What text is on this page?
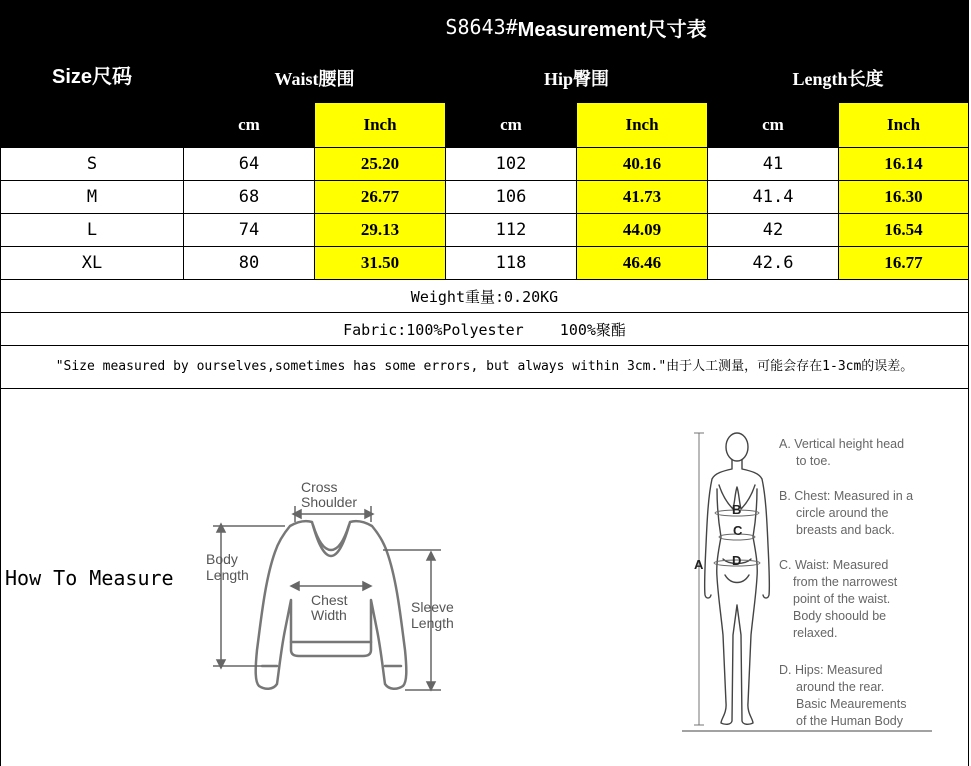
Size尺码
S8643# Measurement尺寸表
Waist腰围	Hip臀围	Length长度
cm	Inch	cm	Inch	cm	Inch
S	64	25.20	102	40.16	41	16.14
M	68	26.77	106	41.73	41.4	16.30
L	74	29.13	112	44.09	42	16.54
XL	80	31.50	118	46.46	42.6	16.77
Weight重量:0.20KG
Fabric:100%Polyester    100%聚酯
"Size measured by ourselves,sometimes has some errors, but always within 3cm."由于人工测量，可能会存在1-3cm的误差。
How To Measure
Cross
Shoulder
Body
Length
Chest
Width	Sleeve
Length
A
B
C
D
A. Vertical height head
to toe.
B. Chest: Measured in a
circle around the
breasts and back.
C. Waist: Measured
from the narrowest
point of the waist.
Body shoould be
relaxed.
D. Hips: Measured
around the rear.
Basic Meaurements
of the Human Body
